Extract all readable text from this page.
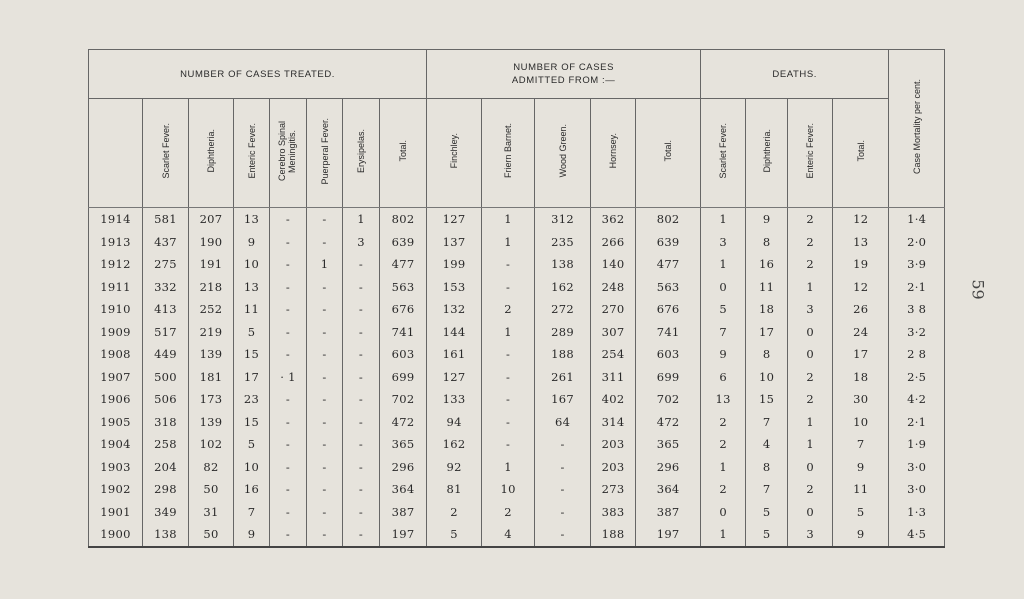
59
NUMBER OF CASES TREATED.								NUMBER OF CASES ADMITTED FROM :—					DEATHS.				Case Mortality per cent.
	Scarlet Fever.	Diphtheria.	Enteric Fever.	Cerebro Spinal Meningitis.	Puerperal Fever.	Erysipelas.	Total.	Finchley.	Friern Barnet.	Wood Green.	Hornsey.	Total.	Scarlet Fever.	Diphtheria.	Enteric Fever.	Total.	
1914	581	207	13	-	-	1	802	127	1	312	362	802	1	9	2	12	1·4
1913	437	190	9	-	-	3	639	137	1	235	266	639	3	8	2	13	2·0
1912	275	191	10	-	1	-	477	199	-	138	140	477	1	16	2	19	3·9
1911	332	218	13	-	-	-	563	153	-	162	248	563	0	11	1	12	2·1
1910	413	252	11	-	-	-	676	132	2	272	270	676	5	18	3	26	3 8
1909	517	219	5	-	-	-	741	144	1	289	307	741	7	17	0	24	3·2
1908	449	139	15	-	-	-	603	161	-	188	254	603	9	8	0	17	2 8
1907	500	181	17	· 1	-	-	699	127	-	261	311	699	6	10	2	18	2·5
1906	506	173	23	-	-	-	702	133	-	167	402	702	13	15	2	30	4·2
1905	318	139	15	-	-	-	472	94	-	64	314	472	2	7	1	10	2·1
1904	258	102	5	-	-	-	365	162	-	-	203	365	2	4	1	7	1·9
1903	204	82	10	-	-	-	296	92	1	-	203	296	1	8	0	9	3·0
1902	298	50	16	-	-	-	364	81	10	-	273	364	2	7	2	11	3·0
1901	349	31	7	-	-	-	387	2	2	-	383	387	0	5	0	5	1·3
1900	138	50	9	-	-	-	197	5	4	-	188	197	1	5	3	9	4·5
